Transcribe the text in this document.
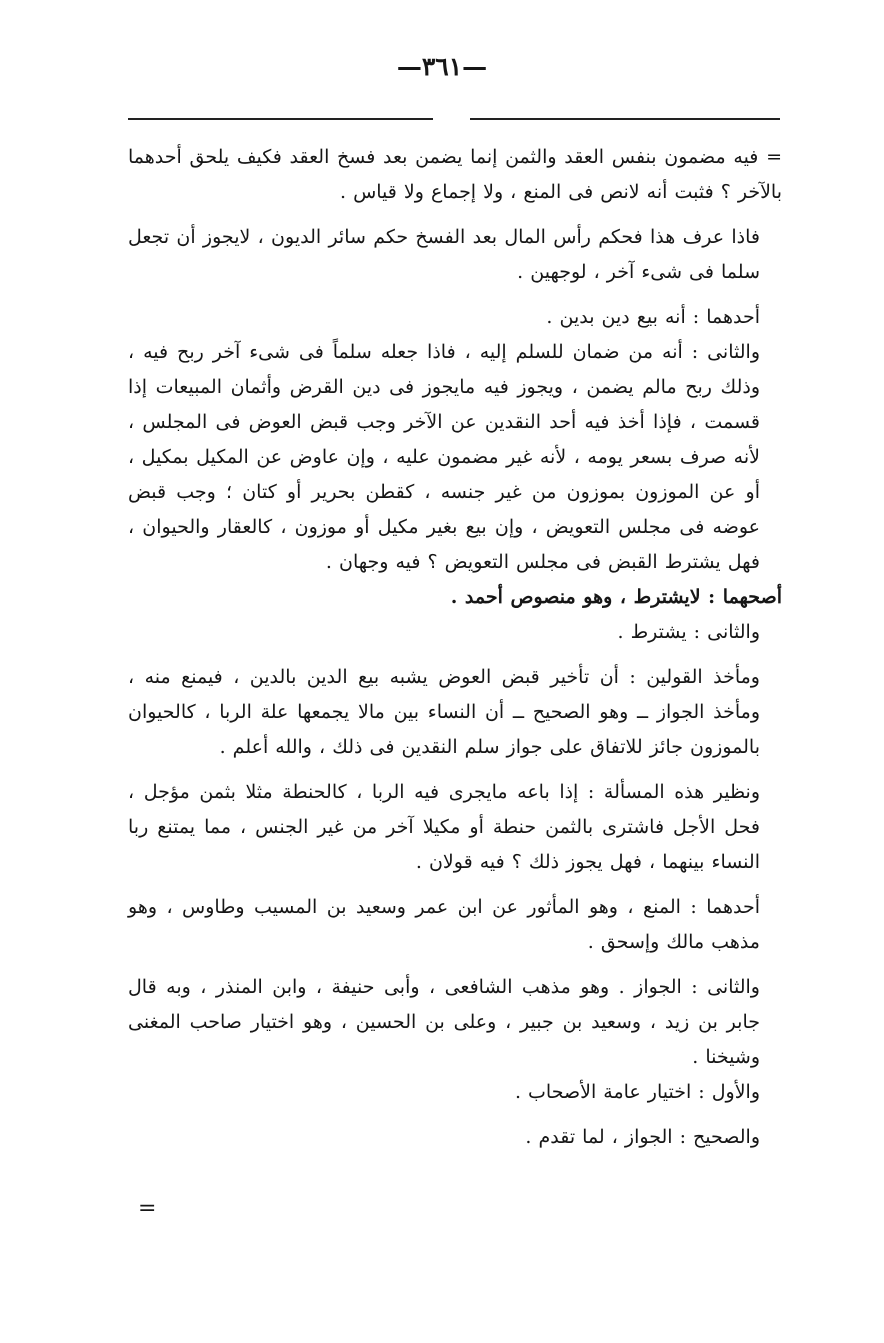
—٣٦١—

= فيه مضمون بنفس العقد والثمن إنما يضمن بعد فسخ العقد فكيف يلحق أحدهما بالآخر ؟ فثبت أنه لانص فى المنع ، ولا إجماع ولا قياس .

فاذا عرف هذا فحكم رأس المال بعد الفسخ حكم سائر الديون ، لايجوز أن تجعل سلما فى شىء آخر ، لوجهين .

أحدهما : أنه بيع دين بدين .

والثانى : أنه من ضمان للسلم إليه ، فاذا جعله سلماً فى شىء آخر ربح فيه ، وذلك ربح مالم يضمن ، ويجوز فيه مايجوز فى دين القرض وأثمان المبيعات إذا قسمت ، فإذا أخذ فيه أحد النقدين عن الآخر وجب قبض العوض فى المجلس ، لأنه صرف بسعر يومه ، لأنه غير مضمون عليه ، وإن عاوض عن المكيل بمكيل ، أو عن الموزون بموزون من غير جنسه ، كقطن بحرير أو كتان ؛ وجب قبض عوضه فى مجلس التعويض ، وإن بيع بغير مكيل أو موزون ، كالعقار والحيوان ، فهل يشترط القبض فى مجلس التعويض ؟ فيه وجهان .

أصحهما : لايشترط ، وهو منصوص أحمد .

والثانى : يشترط .

ومأخذ القولين : أن تأخير قبض العوض يشبه بيع الدين بالدين ، فيمنع منه ، ومأخذ الجواز ــ وهو الصحيح ــ أن النساء بين مالا يجمعها علة الربا ، كالحيوان بالموزون جائز للاتفاق على جواز سلم النقدين فى ذلك ، والله أعلم .

ونظير هذه المسألة : إذا باعه مايجرى فيه الربا ، كالحنطة مثلا بثمن مؤجل ، فحل الأجل فاشترى بالثمن حنطة أو مكيلا آخر من غير الجنس ، مما يمتنع ربا النساء بينهما ، فهل يجوز ذلك ؟ فيه قولان .

أحدهما : المنع ، وهو المأثور عن ابن عمر وسعيد بن المسيب وطاوس ، وهو مذهب مالك وإسحق .

والثانى : الجواز . وهو مذهب الشافعى ، وأبى حنيفة ، وابن المنذر ، وبه قال جابر بن زيد ، وسعيد بن جبير ، وعلى بن الحسين ، وهو اختيار صاحب المغنى وشيخنا .

والأول : اختيار عامة الأصحاب .

والصحيح : الجواز ، لما تقدم .

=
